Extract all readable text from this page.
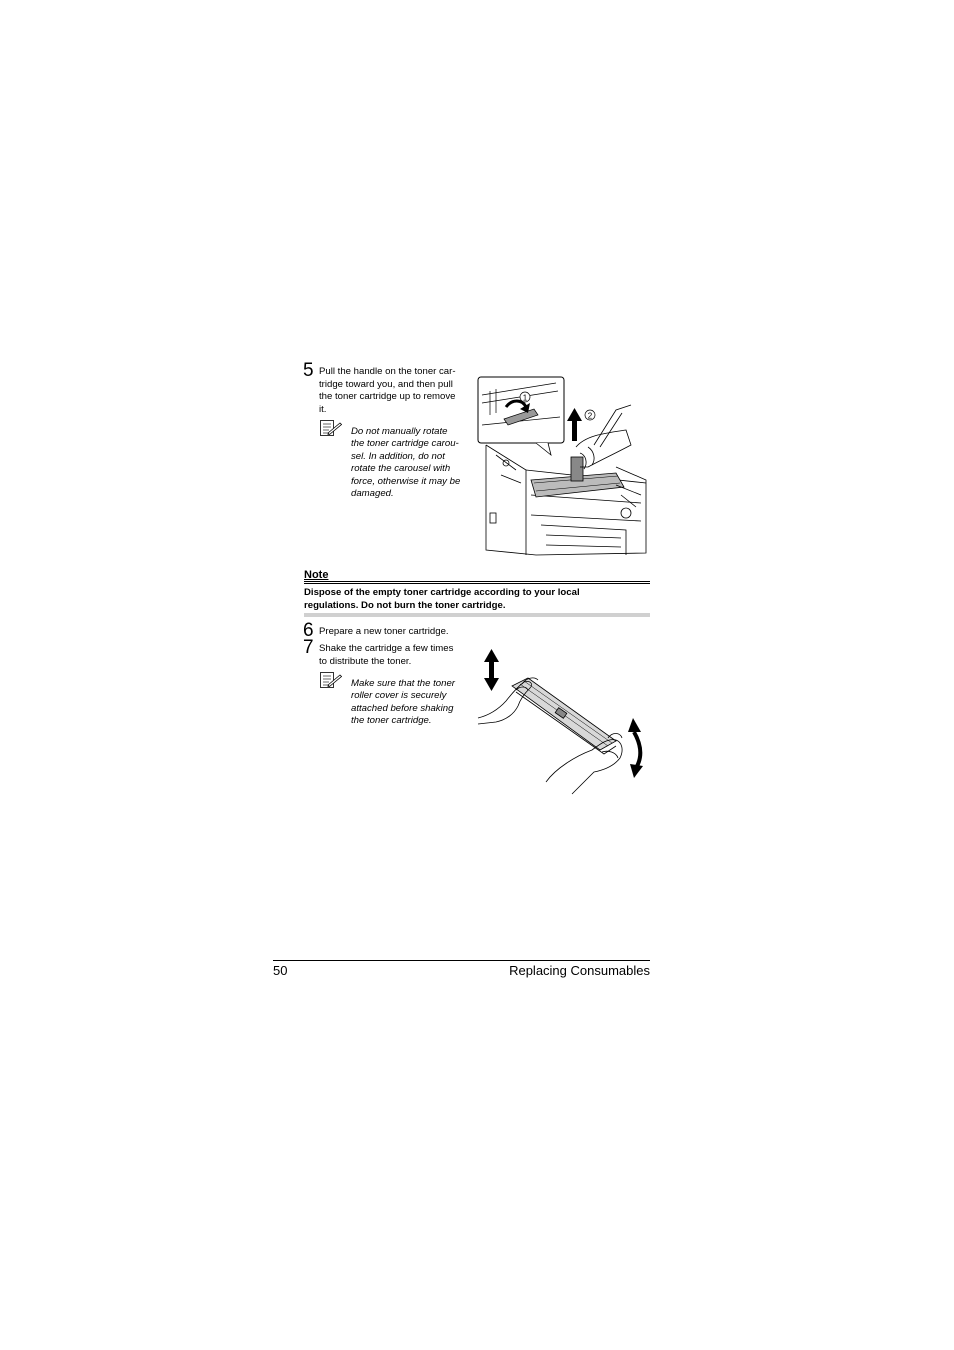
5 Pull the handle on the toner car-
tridge toward you, and then pull
the toner cartridge up to remove
it.
Do not manually rotate
the toner cartridge carou-
sel. In addition, do not
rotate the carousel with
force, otherwise it may be
damaged.
1
2
Note
Dispose of the empty toner cartridge according to your local
regulations. Do not burn the toner cartridge.
6 Prepare a new toner cartridge.
7 Shake the cartridge a few times
to distribute the toner.
Make sure that the toner
roller cover is securely
attached before shaking
the toner cartridge.
50	Replacing Consumables
